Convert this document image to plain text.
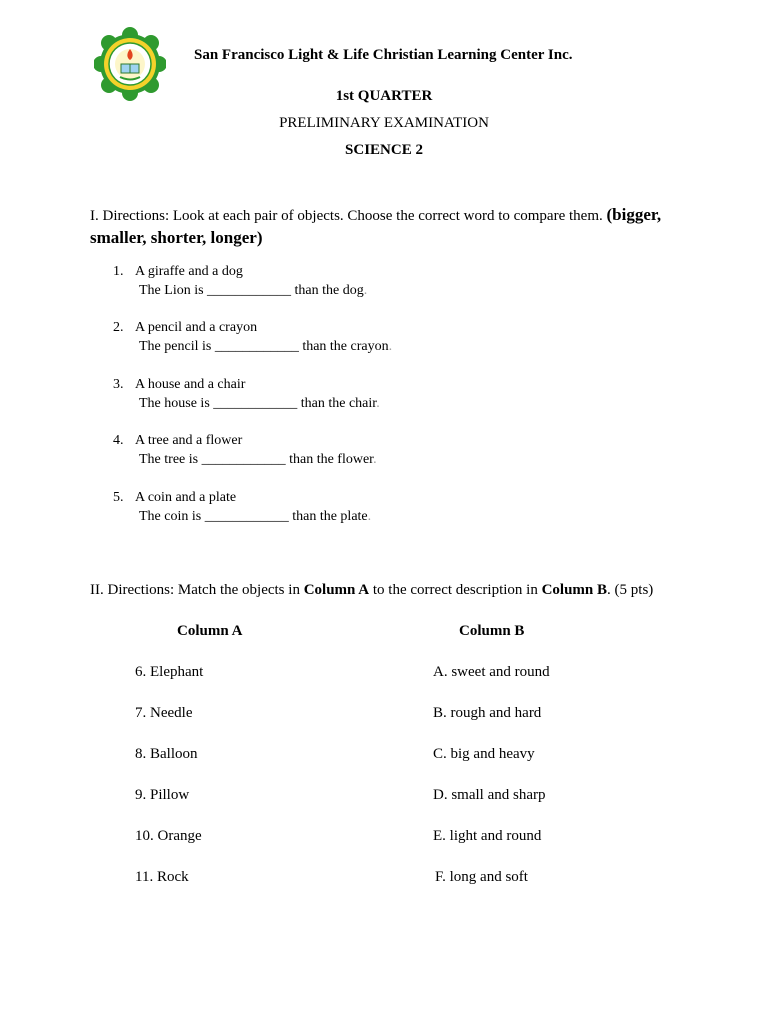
San Francisco Light & Life Christian Learning Center Inc.
1st QUARTER
PRELIMINARY EXAMINATION
SCIENCE 2
I. Directions: Look at each pair of objects. Choose the correct word to compare them. (bigger, smaller, shorter, longer)
1. A giraffe and a dog
The Lion is ____________ than the dog.
2. A pencil and a crayon
The pencil is ____________ than the crayon.
3. A house and a chair
The house is ____________ than the chair.
4. A tree and a flower
The tree is ____________ than the flower.
5. A coin and a plate
The coin is ____________ than the plate.
II. Directions: Match the objects in Column A to the correct description in Column B. (5 pts)
Column A	Column B
6. Elephant
7. Needle
8. Balloon
9. Pillow
10. Orange
11. Rock
A. sweet and round
B. rough and hard
C. big and heavy
D. small and sharp
E. light and round
F. long and soft
